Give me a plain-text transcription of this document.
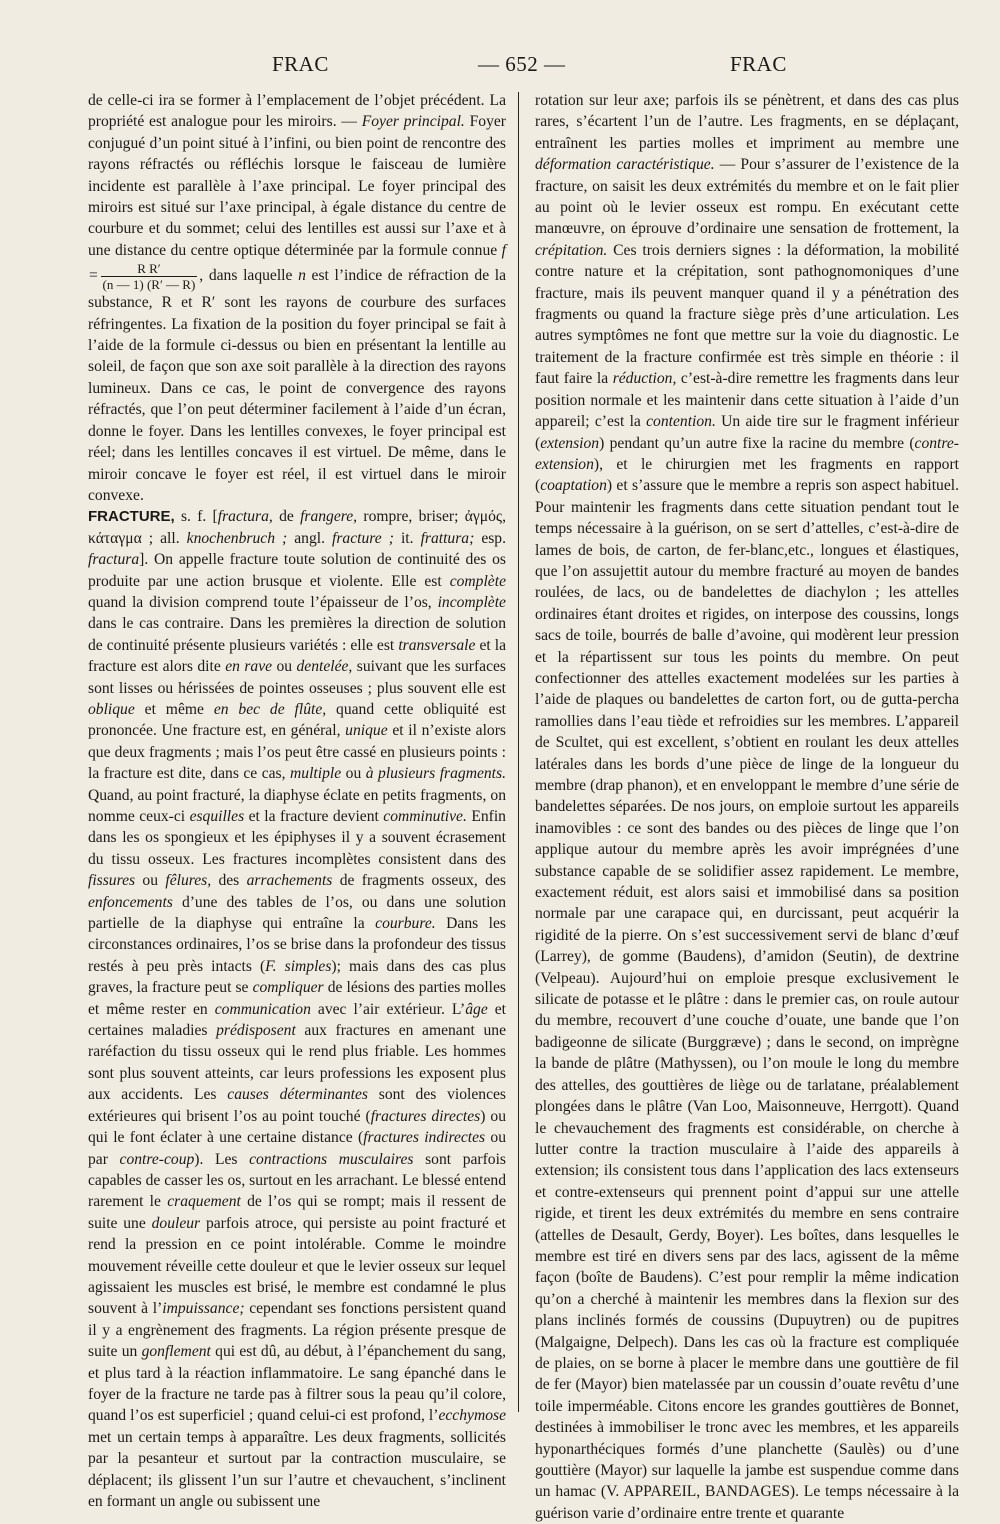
FRAC	— 652 —	FRAC

de celle-ci ira se former à l’emplacement de l’objet précédent. La propriété est analogue pour les miroirs. — Foyer principal. Foyer conjugué d’un point situé à l’infini, ou bien point de rencontre des rayons réfractés ou réfléchis lorsque le faisceau de lumière incidente est parallèle à l’axe principal. Le foyer principal des miroirs est situé sur l’axe principal, à égale distance du centre de courbure et du sommet; celui des lentilles est aussi sur l’axe et à une distance du centre optique déterminée par la formule connue $f = \frac{\text{R R′}}{(n — 1) (R' — R)}$ , dans laquelle n est l’indice de réfraction de la substance, R et R′ sont les rayons de courbure des surfaces réfringentes. La fixation de la position du foyer principal se fait à l’aide de la formule ci-dessus ou bien en présentant la lentille au soleil, de façon que son axe soit parallèle à la direction des rayons lumineux. Dans ce cas, le point de convergence des rayons réfractés, que l’on peut déterminer facilement à l’aide d’un écran, donne le foyer. Dans les lentilles convexes, le foyer principal est réel; dans les lentilles concaves il est virtuel. De même, dans le miroir concave le foyer est réel, il est virtuel dans le miroir convexe.

FRACTURE, s. f. [fractura, de frangere, rompre, briser; ἀγμός, κάταγμα ; all. knochenbruch ; angl. fracture ; it. frattura; esp. fractura]. On appelle fracture toute solution de continuité des os produite par une action brusque et violente. Elle est complète quand la division comprend toute l’épaisseur de l’os, incomplète dans le cas contraire. Dans les premières la direction de solution de continuité présente plusieurs variétés : elle est transversale et la fracture est alors dite en rave ou dentelée, suivant que les surfaces sont lisses ou hérissées de pointes osseuses ; plus souvent elle est oblique et même en bec de flûte, quand cette obliquité est prononcée. Une fracture est, en général, unique et il n’existe alors que deux fragments ; mais l’os peut être cassé en plusieurs points : la fracture est dite, dans ce cas, multiple ou à plusieurs fragments. Quand, au point fracturé, la diaphyse éclate en petits fragments, on nomme ceux-ci esquilles et la fracture devient comminutive. Enfin dans les os spongieux et les épiphyses il y a souvent écrasement du tissu osseux. Les fractures incomplètes consistent dans des fissures ou fêlures, des arrachements de fragments osseux, des enfoncements d’une des tables de l’os, ou dans une solution partielle de la diaphyse qui entraîne la courbure. Dans les circonstances ordinaires, l’os se brise dans la profondeur des tissus restés à peu près intacts (F. simples); mais dans des cas plus graves, la fracture peut se compliquer de lésions des parties molles et même rester en communication avec l’air extérieur. L’âge et certaines maladies prédisposent aux fractures en amenant une raréfaction du tissu osseux qui le rend plus friable. Les hommes sont plus souvent atteints, car leurs professions les exposent plus aux accidents. Les causes déterminantes sont des violences extérieures qui brisent l’os au point touché (fractures directes) ou qui le font éclater à une certaine distance (fractures indirectes ou par contre-coup). Les contractions musculaires sont parfois capables de casser les os, surtout en les arrachant. Le blessé entend rarement le craquement de l’os qui se rompt; mais il ressent de suite une douleur parfois atroce, qui persiste au point fracturé et rend la pression en ce point intolérable. Comme le moindre mouvement réveille cette douleur et que le levier osseux sur lequel agissaient les muscles est brisé, le membre est condamné le plus souvent à l’impuissance; cependant ses fonctions persistent quand il y a engrènement des fragments. La région présente presque de suite un gonflement qui est dû, au début, à l’épanchement du sang, et plus tard à la réaction inflammatoire. Le sang épanché dans le foyer de la fracture ne tarde pas à filtrer sous la peau qu’il colore, quand l’os est superficiel ; quand celui-ci est profond, l’ecchymose met un certain temps à apparaître. Les deux fragments, sollicités par la pesanteur et surtout par la contraction musculaire, se déplacent; ils glissent l’un sur l’autre et chevauchent, s’inclinent en formant un angle ou subissent une

rotation sur leur axe; parfois ils se pénètrent, et dans des cas plus rares, s’écartent l’un de l’autre. Les fragments, en se déplaçant, entraînent les parties molles et impriment au membre une déformation caractéristique. — Pour s’assurer de l’existence de la fracture, on saisit les deux extrémités du membre et on le fait plier au point où le levier osseux est rompu. En exécutant cette manœuvre, on éprouve d’ordinaire une sensation de frottement, la crépitation. Ces trois derniers signes : la déformation, la mobilité contre nature et la crépitation, sont pathognomoniques d’une fracture, mais ils peuvent manquer quand il y a pénétration des fragments ou quand la fracture siège près d’une articulation. Les autres symptômes ne font que mettre sur la voie du diagnostic. Le traitement de la fracture confirmée est très simple en théorie : il faut faire la réduction, c’est-à-dire remettre les fragments dans leur position normale et les maintenir dans cette situation à l’aide d’un appareil; c’est la contention. Un aide tire sur le fragment inférieur (extension) pendant qu’un autre fixe la racine du membre (contre-extension), et le chirurgien met les fragments en rapport (coaptation) et s’assure que le membre a repris son aspect habituel. Pour maintenir les fragments dans cette situation pendant tout le temps nécessaire à la guérison, on se sert d’attelles, c’est-à-dire de lames de bois, de carton, de fer-blanc,etc., longues et élastiques, que l’on assujettit autour du membre fracturé au moyen de bandes roulées, de lacs, ou de bandelettes de diachylon ; les attelles ordinaires étant droites et rigides, on interpose des coussins, longs sacs de toile, bourrés de balle d’avoine, qui modèrent leur pression et la répartissent sur tous les points du membre. On peut confectionner des attelles exactement modelées sur les parties à l’aide de plaques ou bandelettes de carton fort, ou de gutta-percha ramollies dans l’eau tiède et refroidies sur les membres. L’appareil de Scultet, qui est excellent, s’obtient en roulant les deux attelles latérales dans les bords d’une pièce de linge de la longueur du membre (drap phanon), et en enveloppant le membre d’une série de bandelettes séparées. De nos jours, on emploie surtout les appareils inamovibles : ce sont des bandes ou des pièces de linge que l’on applique autour du membre après les avoir imprégnées d’une substance capable de se solidifier assez rapidement. Le membre, exactement réduit, est alors saisi et immobilisé dans sa position normale par une carapace qui, en durcissant, peut acquérir la rigidité de la pierre. On s’est successivement servi de blanc d’œuf (Larrey), de gomme (Baudens), d’amidon (Seutin), de dextrine (Velpeau). Aujourd’hui on emploie presque exclusivement le silicate de potasse et le plâtre : dans le premier cas, on roule autour du membre, recouvert d’une couche d’ouate, une bande que l’on badigeonne de silicate (Burggræve) ; dans le second, on imprègne la bande de plâtre (Mathyssen), ou l’on moule le long du membre des attelles, des gouttières de liège ou de tarlatane, préalablement plongées dans le plâtre (Van Loo, Maisonneuve, Herrgott). Quand le chevauchement des fragments est considérable, on cherche à lutter contre la traction musculaire à l’aide des appareils à extension; ils consistent tous dans l’application des lacs extenseurs et contre-extenseurs qui prennent point d’appui sur une attelle rigide, et tirent les deux extrémités du membre en sens contraire (attelles de Desault, Gerdy, Boyer). Les boîtes, dans lesquelles le membre est tiré en divers sens par des lacs, agissent de la même façon (boîte de Baudens). C’est pour remplir la même indication qu’on a cherché à maintenir les membres dans la flexion sur des plans inclinés formés de coussins (Dupuytren) ou de pupitres (Malgaigne, Delpech). Dans les cas où la fracture est compliquée de plaies, on se borne à placer le membre dans une gouttière de fil de fer (Mayor) bien matelassée par un coussin d’ouate revêtu d’une toile imperméable. Citons encore les grandes gouttières de Bonnet, destinées à immobiliser le tronc avec les membres, et les appareils hyponarthéciques formés d’une planchette (Saulès) ou d’une gouttière (Mayor) sur laquelle la jambe est suspendue comme dans un hamac (V. APPAREIL, BANDAGES). Le temps nécessaire à la guérison varie d’ordinaire entre trente et quarante
